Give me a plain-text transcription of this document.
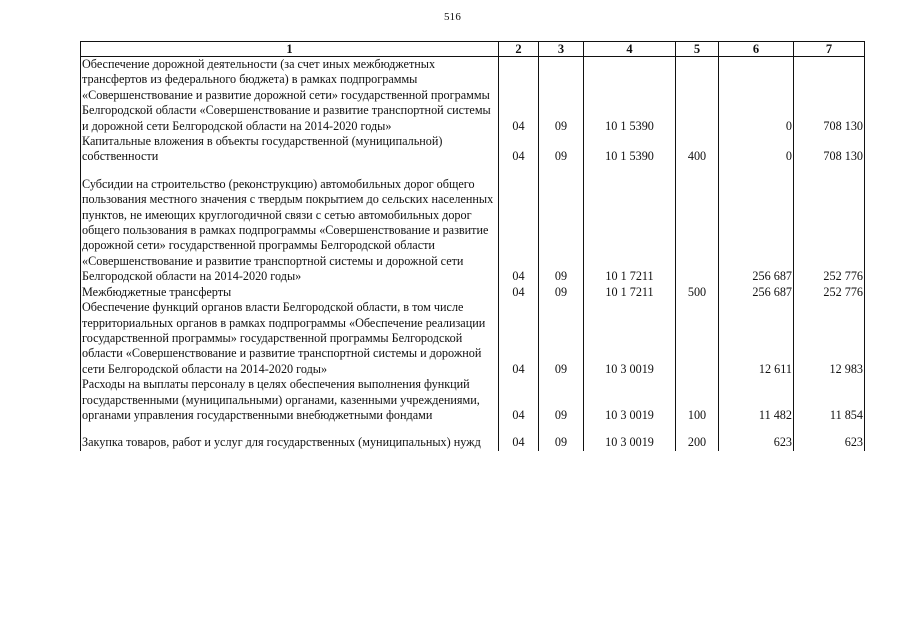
516
1	2	3	4	5	6	7
Обеспечение дорожной деятельности (за счет иных межбюджетных трансфертов из федерального бюджета) в рамках подпрограммы «Совершенствование и развитие дорожной сети» государственной программы Белгородской области «Совершенствование и развитие транспортной системы и дорожной сети Белгородской области на 2014-2020 годы»	04	09	10 1 5390		0	708 130
Капитальные вложения в объекты государственной (муниципальной) собственности	04	09	10 1 5390	400	0	708 130

Субсидии на строительство (реконструкцию) автомобильных дорог общего пользования местного значения с твердым покрытием до сельских населенных пунктов, не имеющих круглогодичной связи с сетью автомобильных дорог общего пользования в рамках подпрограммы «Совершенствование и развитие дорожной сети» государственной программы Белгородской области «Совершенствование и развитие транспортной системы и дорожной сети Белгородской области на 2014-2020 годы»	04	09	10 1 7211		256 687	252 776
Межбюджетные трансферты	04	09	10 1 7211	500	256 687	252 776
Обеспечение функций органов власти Белгородской области, в том числе территориальных органов в рамках подпрограммы «Обеспечение реализации государственной программы» государственной программы Белгородской области «Совершенствование и развитие транспортной системы и дорожной сети Белгородской области на 2014-2020 годы»	04	09	10 3 0019		12 611	12 983
Расходы на выплаты персоналу в целях обеспечения выполнения функций государственными (муниципальными) органами, казенными учреждениями, органами управления государственными внебюджетными фондами	04	09	10 3 0019	100	11 482	11 854

Закупка товаров, работ и услуг для государственных (муниципальных) нужд	04	09	10 3 0019	200	623	623
